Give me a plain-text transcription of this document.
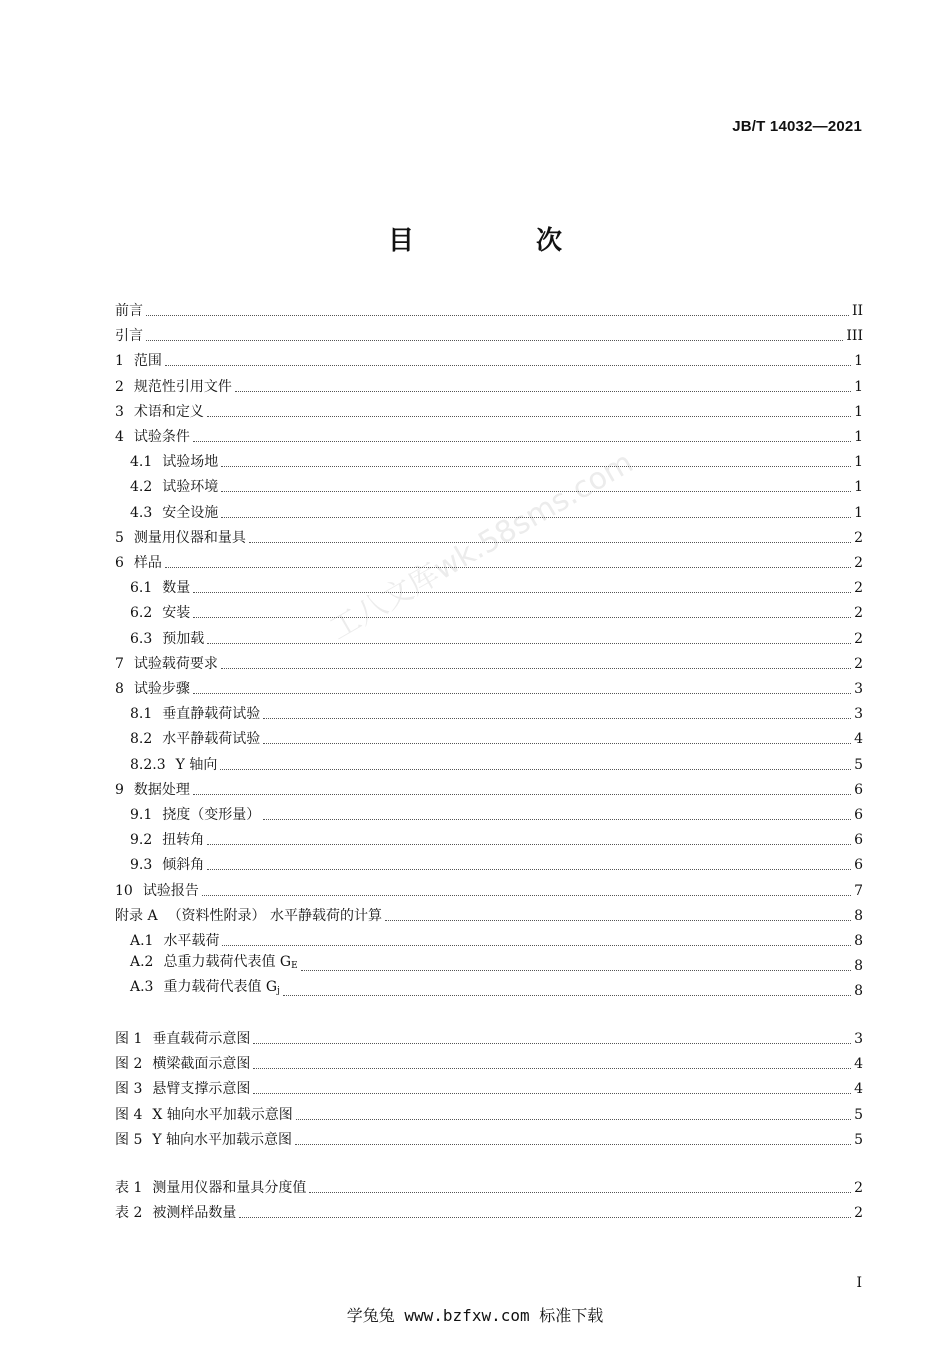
JB/T 14032—2021
目　次
工八文库wk.58sms.com
前言	II
引言	III
1 范围	1
2 规范性引用文件	1
3 术语和定义	1
4 试验条件	1
4.1 试验场地	1
4.2 试验环境	1
4.3 安全设施	1
5 测量用仪器和量具	2
6 样品	2
6.1 数量	2
6.2 安装	2
6.3 预加载	2
7 试验载荷要求	2
8 试验步骤	3
8.1 垂直静载荷试验	3
8.2 水平静载荷试验	4
8.2.3 Y 轴向	5
9 数据处理	6
9.1 挠度（变形量）	6
9.2 扭转角	6
9.3 倾斜角	6
10 试验报告	7
附录 A （资料性附录） 水平静载荷的计算	8
A.1 水平载荷	8
A.2 总重力载荷代表值 $G_E$	8
A.3 重力载荷代表值 $G_j$	8
图 1 垂直载荷示意图	3
图 2 横梁截面示意图	4
图 3 悬臂支撑示意图	4
图 4 X 轴向水平加载示意图	5
图 5 Y 轴向水平加载示意图	5
表 1 测量用仪器和量具分度值	2
表 2 被测样品数量	2
I
学兔兔 www.bzfxw.com 标准下载
